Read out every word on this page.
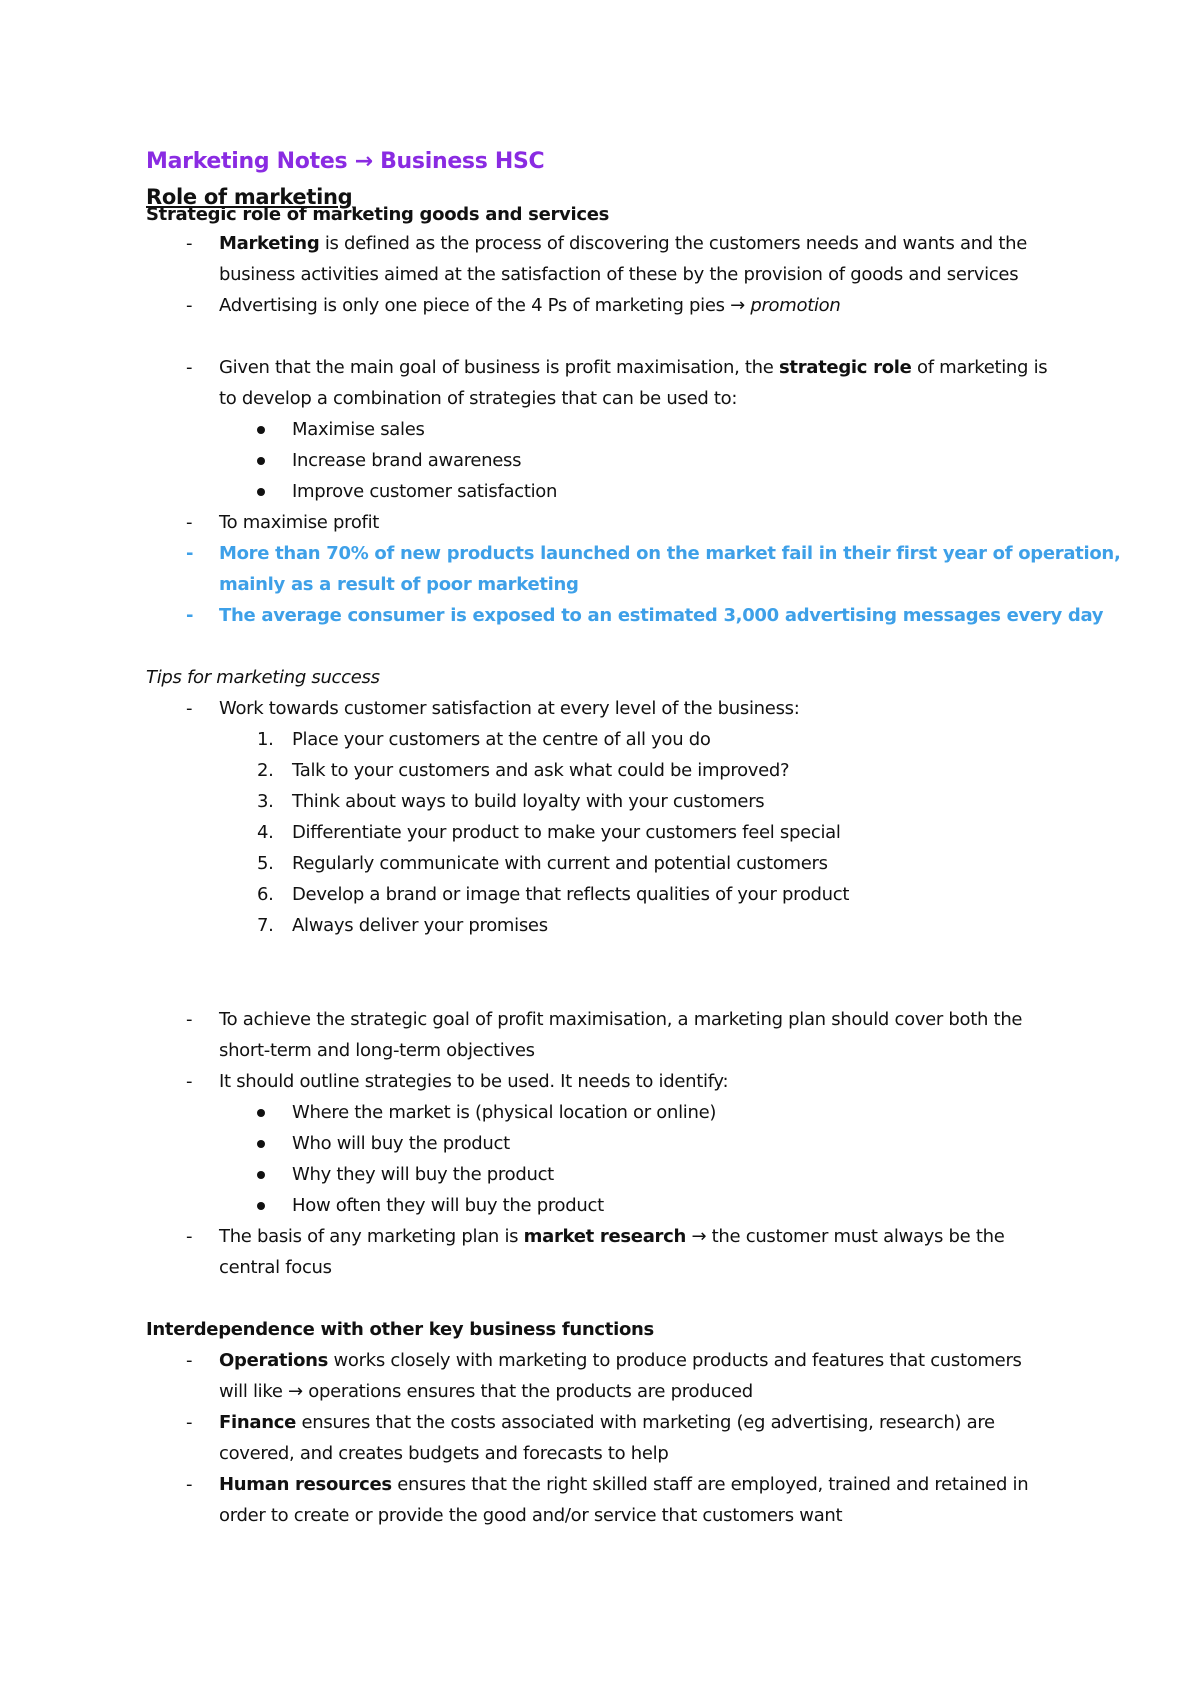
Marketing Notes → Business HSC
Role of marketing
Strategic role of marketing goods and services
- Marketing is defined as the process of discovering the customers needs and wants and the
business activities aimed at the satisfaction of these by the provision of goods and services
- Advertising is only one piece of the 4 Ps of marketing pies → promotion
- Given that the main goal of business is profit maximisation, the strategic role of marketing is
to develop a combination of strategies that can be used to:
Maximise sales
Increase brand awareness
Improve customer satisfaction
- To maximise profit
- More than 70% of new products launched on the market fail in their first year of operation,
mainly as a result of poor marketing
- The average consumer is exposed to an estimated 3,000 advertising messages every day
Tips for marketing success
- Work towards customer satisfaction at every level of the business:
1. Place your customers at the centre of all you do
2. Talk to your customers and ask what could be improved?
3. Think about ways to build loyalty with your customers
4. Differentiate your product to make your customers feel special
5. Regularly communicate with current and potential customers
6. Develop a brand or image that reflects qualities of your product
7. Always deliver your promises
- To achieve the strategic goal of profit maximisation, a marketing plan should cover both the
short-term and long-term objectives
- It should outline strategies to be used. It needs to identify:
Where the market is (physical location or online)
Who will buy the product
Why they will buy the product
How often they will buy the product
- The basis of any marketing plan is market research → the customer must always be the
central focus
Interdependence with other key business functions
- Operations works closely with marketing to produce products and features that customers
will like → operations ensures that the products are produced
- Finance ensures that the costs associated with marketing (eg advertising, research) are
covered, and creates budgets and forecasts to help
- Human resources ensures that the right skilled staff are employed, trained and retained in
order to create or provide the good and/or service that customers want
